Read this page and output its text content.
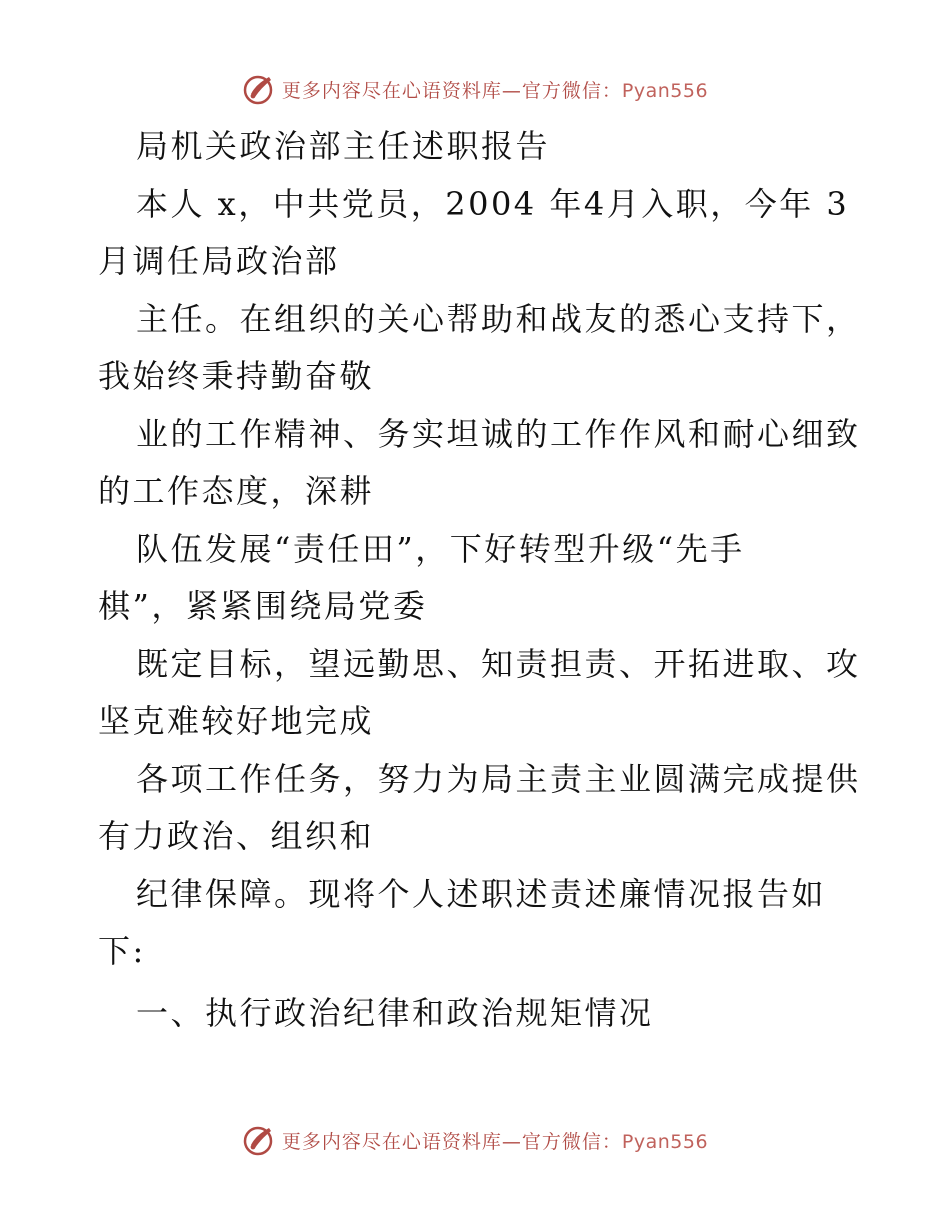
更多内容尽在心语资料库—官方微信：Pyan556
局机关政治部主任述职报告
本人 x，中共党员，2004 年4月入职，今年 3
月调任局政治部
主任。在组织的关心帮助和战友的悉心支持下，
我始终秉持勤奋敬
业的工作精神、务实坦诚的工作作风和耐心细致
的工作态度，深耕
队伍发展“责任田”，下好转型升级“先手
棋”，紧紧围绕局党委
既定目标，望远勤思、知责担责、开拓进取、攻
坚克难较好地完成
各项工作任务，努力为局主责主业圆满完成提供
有力政治、组织和
纪律保障。现将个人述职述责述廉情况报告如
下:
一、执行政治纪律和政治规矩情况
更多内容尽在心语资料库—官方微信：Pyan556
